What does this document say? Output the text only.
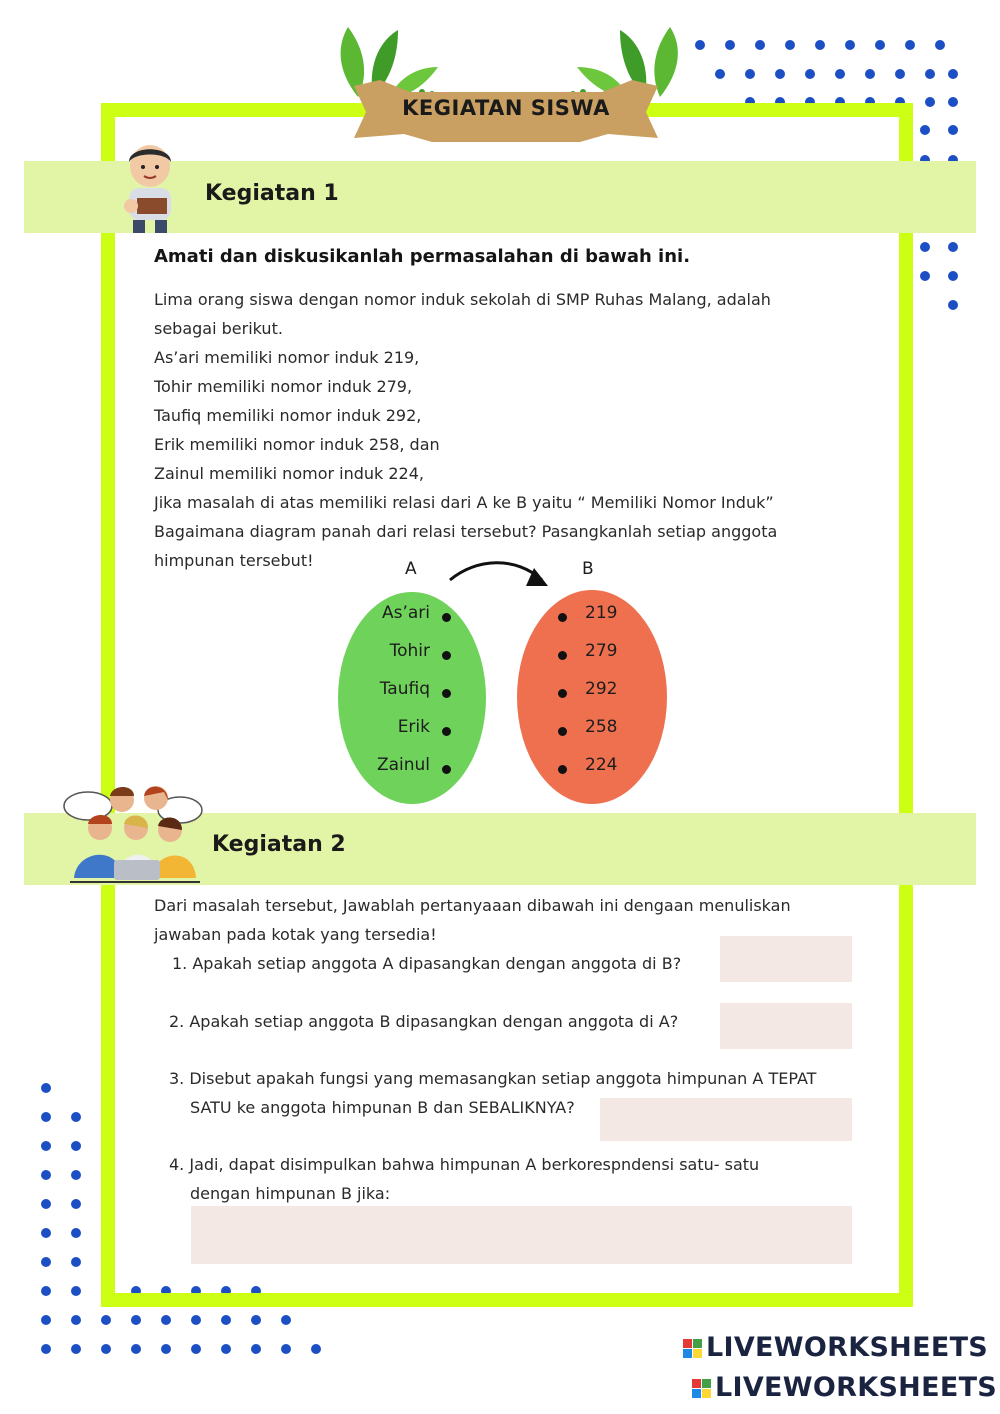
KEGIATAN SISWA
Kegiatan 1
Amati dan diskusikanlah permasalahan di bawah ini.
Lima orang siswa dengan nomor induk sekolah di SMP Ruhas Malang, adalah
sebagai berikut.
As’ari memiliki nomor induk 219,
Tohir memiliki nomor induk 279,
Taufiq memiliki nomor induk 292,
Erik memiliki nomor induk 258, dan
Zainul memiliki nomor induk 224,
Jika masalah di atas memiliki relasi dari A ke B yaitu “ Memiliki Nomor Induk”
Bagaimana diagram panah dari relasi tersebut? Pasangkanlah setiap anggota
himpunan tersebut!	A	B
As’ari
Tohir
Taufiq
Erik
Zainul
219
279
292
258
224
Kegiatan 2
Dari masalah tersebut, Jawablah pertanyaaan dibawah ini dengaan menuliskan
jawaban pada kotak yang tersedia!
1. Apakah setiap anggota A dipasangkan dengan anggota di B?
2. Apakah setiap anggota B dipasangkan dengan anggota di A?
3. Disebut apakah fungsi yang memasangkan setiap anggota himpunan A TEPAT
SATU ke anggota himpunan B dan SEBALIKNYA?
4. Jadi, dapat disimpulkan bahwa himpunan A berkorespndensi satu- satu
dengan himpunan B jika:
LIVEWORKSHEETS
LIVEWORKSHEETS
